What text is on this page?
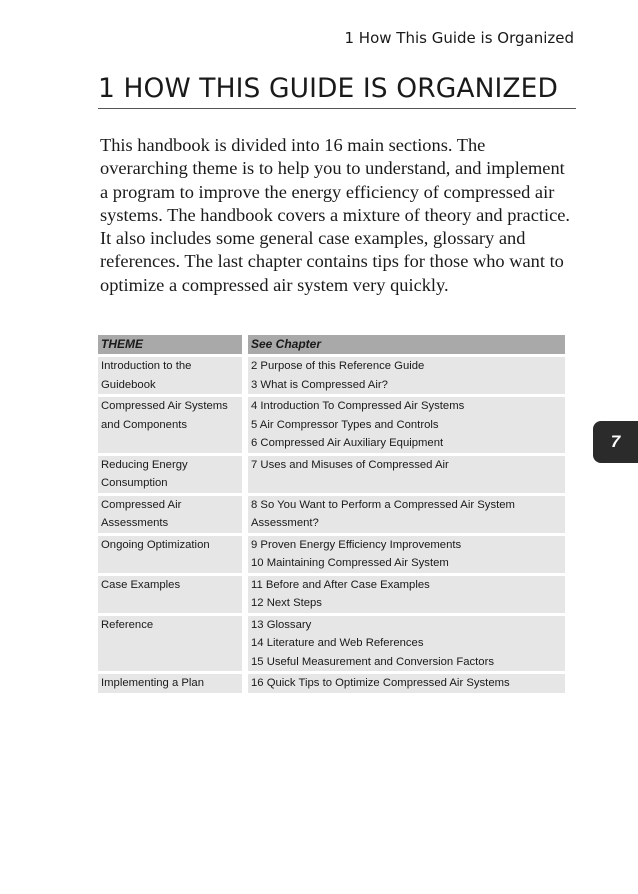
1 How This Guide is Organized
1 HOW THIS GUIDE IS ORGANIZED

This handbook is divided into 16 main sections. The overarching theme is to help you to understand, and implement a program to improve the energy efficiency of compressed air systems. The handbook covers a mixture of theory and practice. It also includes some general case examples, glossary and references. The last chapter contains tips for those who want to optimize a compressed air system very quickly.

7
THEME		See Chapter
Introduction to the Guidebook		2 Purpose of this Reference Guide
3 What is Compressed Air?

Compressed Air Systems and Components		4 Introduction To Compressed Air Systems
5 Air Compressor Types and Controls
6 Compressed Air Auxiliary Equipment

Reducing Energy Consumption		7 Uses and Misuses of Compressed Air

Compressed Air Assessments		8 So You Want to Perform a Compressed Air System
Assessment?

Ongoing Optimization		9 Proven Energy Efficiency Improvements
10 Maintaining Compressed Air System

Case Examples		11 Before and After Case Examples
12 Next Steps

Reference		13 Glossary
14 Literature and Web References
15 Useful Measurement and Conversion Factors

Implementing a Plan		16 Quick Tips to Optimize Compressed Air Systems
